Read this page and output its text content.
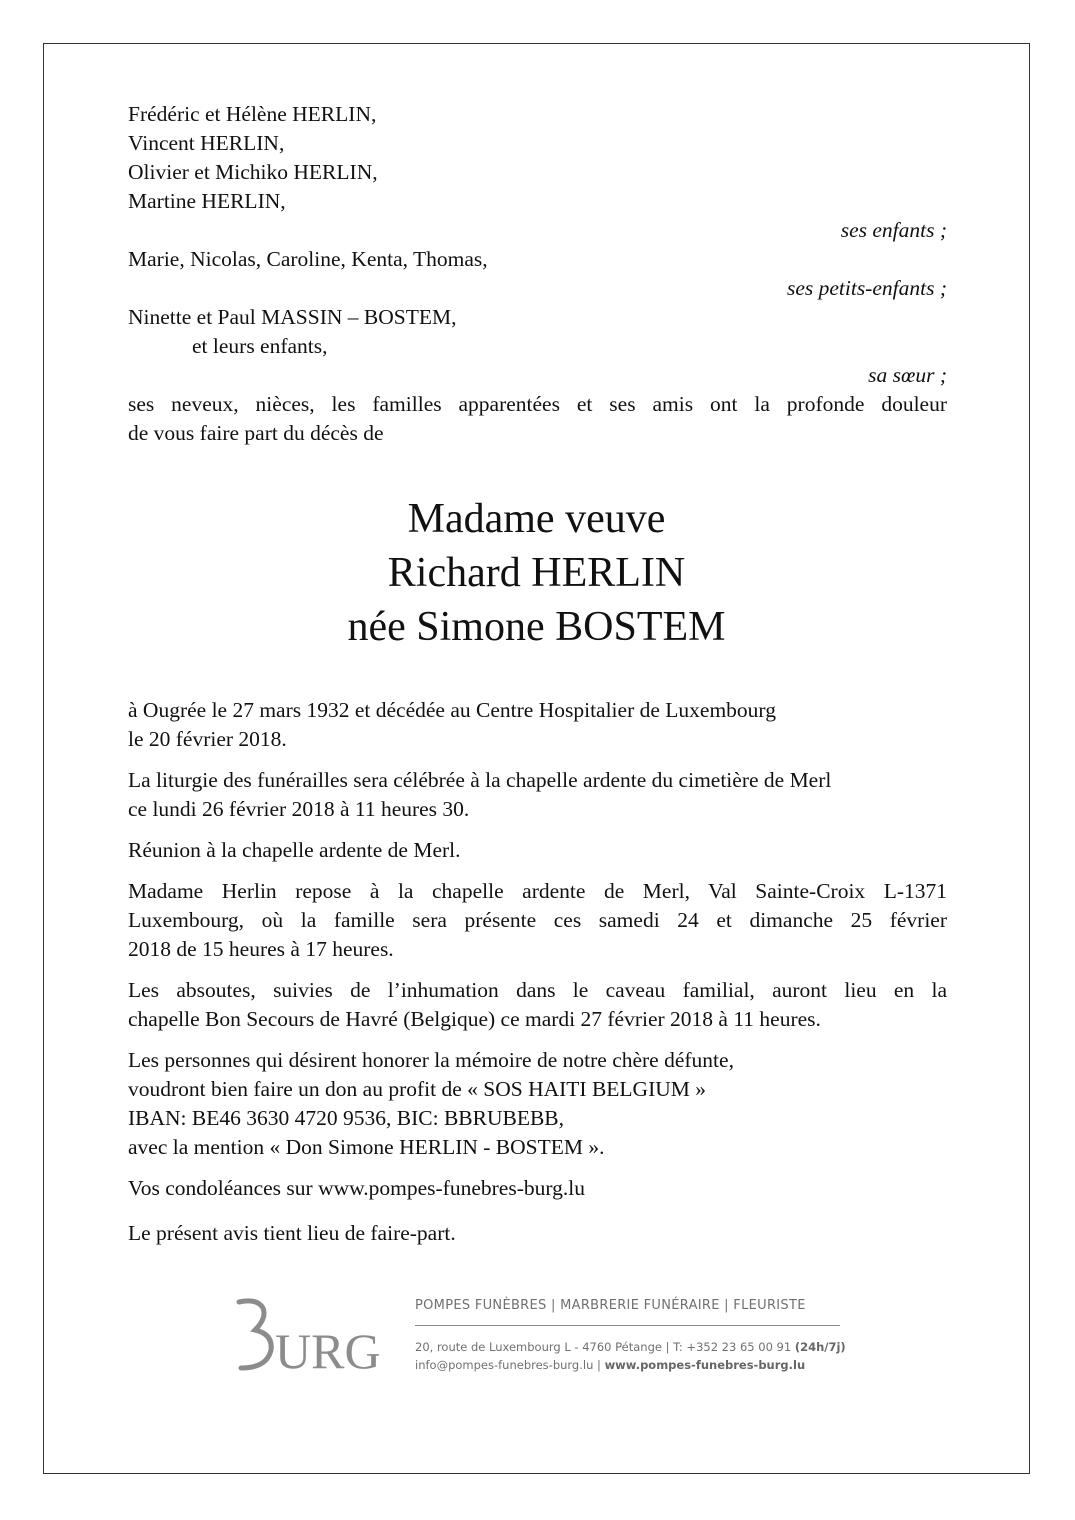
Frédéric et Hélène HERLIN,
Vincent HERLIN,
Olivier et Michiko HERLIN,
Martine HERLIN,
ses enfants ;
Marie, Nicolas, Caroline, Kenta, Thomas,
ses petits-enfants ;
Ninette et Paul MASSIN – BOSTEM,
et leurs enfants,
sa sœur ;
ses neveux, nièces, les familles apparentées et ses amis ont la profonde douleur
de vous faire part du décès de
Madame veuve
Richard HERLIN
née Simone BOSTEM
à Ougrée le 27 mars 1932 et décédée au Centre Hospitalier de Luxembourg
le 20 février 2018.
La liturgie des funérailles sera célébrée à la chapelle ardente du cimetière de Merl
ce lundi 26 février 2018 à 11 heures 30.
Réunion à la chapelle ardente de Merl.
Madame Herlin repose à la chapelle ardente de Merl, Val Sainte-Croix L-1371
Luxembourg, où la famille sera présente ces samedi 24 et dimanche 25 février
2018 de 15 heures à 17 heures.
Les absoutes, suivies de l’inhumation dans le caveau familial, auront lieu en la
chapelle Bon Secours de Havré (Belgique) ce mardi 27 février 2018 à 11 heures.
Les personnes qui désirent honorer la mémoire de notre chère défunte,
voudront bien faire un don au profit de « SOS HAITI BELGIUM »
IBAN: BE46 3630 4720 9536, BIC: BBRUBEBB,
avec la mention « Don Simone HERLIN - BOSTEM ».
Vos condoléances sur www.pompes-funebres-burg.lu
Le présent avis tient lieu de faire-part.
URG
POMPES FUNÈBRES | MARBRERIE FUNÉRAIRE | FLEURISTE
20, route de Luxembourg L - 4760 Pétange | T: +352 23 65 00 91 (24h/7j)
info@pompes-funebres-burg.lu | www.pompes-funebres-burg.lu
